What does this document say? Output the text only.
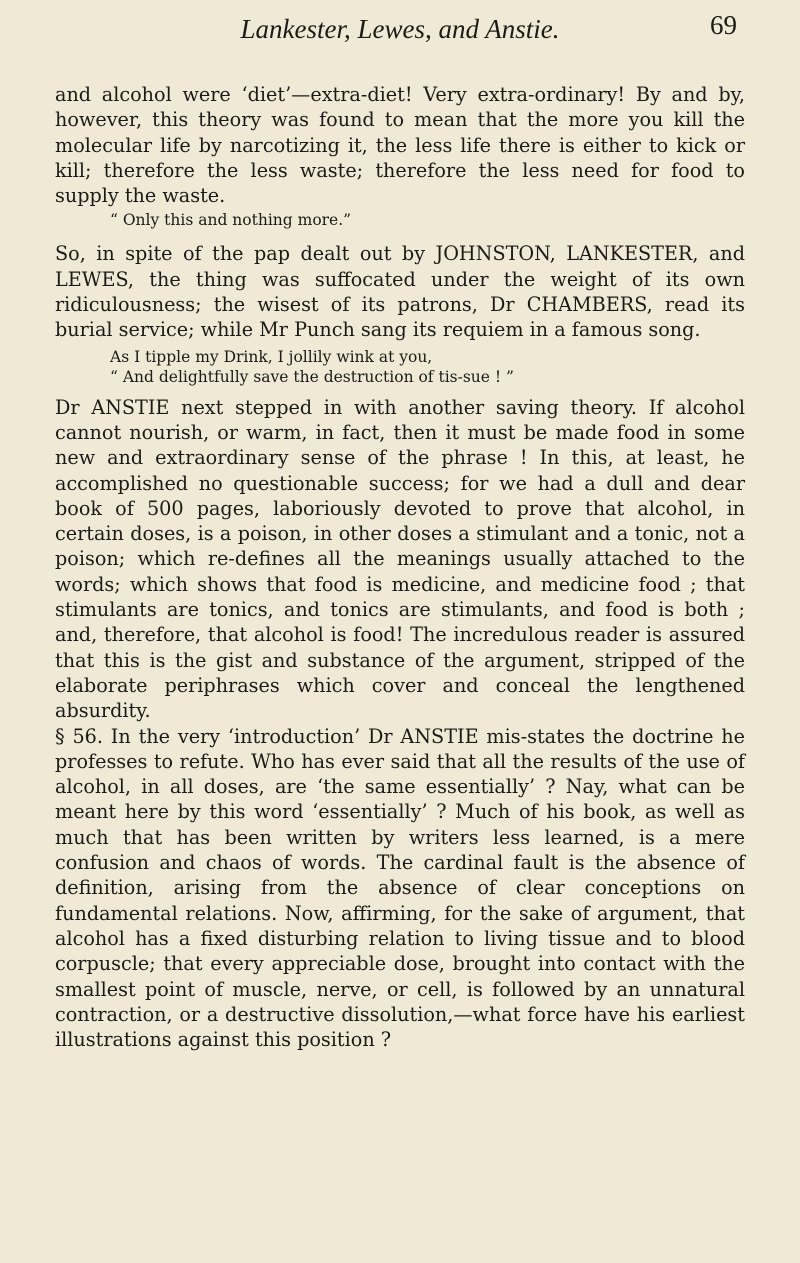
Lankester, Lewes, and Anstie.	69

and alcohol were ‘diet’—extra-diet! Very extra-ordinary! By and by, however, this theory was found to mean that the more you kill the molecular life by narcotizing it, the less life there is either to kick or kill; therefore the less waste; therefore the less need for food to supply the waste.

“ Only this and nothing more.”

So, in spite of the pap dealt out by JOHNSTON, LANKESTER, and LEWES, the thing was suffocated under the weight of its own ridiculousness; the wisest of its patrons, Dr CHAMBERS, read its burial service; while Mr Punch sang its requiem in a famous song.

As I tipple my Drink, I jollily wink at you,
“ And delightfully save the destruction of tis-sue ! ”

Dr ANSTIE next stepped in with another saving theory. If alcohol cannot nourish, or warm, in fact, then it must be made food in some new and extraordinary sense of the phrase ! In this, at least, he accomplished no questionable success; for we had a dull and dear book of 500 pages, laboriously devoted to prove that alcohol, in certain doses, is a poison, in other doses a stimulant and a tonic, not a poison; which re-defines all the meanings usually attached to the words; which shows that food is medicine, and medicine food ; that stimulants are tonics, and tonics are stimulants, and food is both ; and, therefore, that alcohol is food! The incredulous reader is assured that this is the gist and substance of the argument, stripped of the elaborate periphrases which cover and conceal the lengthened absurdity.

§ 56. In the very ‘introduction’ Dr ANSTIE mis-states the doctrine he professes to refute. Who has ever said that all the results of the use of alcohol, in all doses, are ‘the same essentially’ ? Nay, what can be meant here by this word ‘essentially’ ? Much of his book, as well as much that has been written by writers less learned, is a mere confusion and chaos of words. The cardinal fault is the absence of definition, arising from the absence of clear conceptions on fundamental relations. Now, affirming, for the sake of argument, that alcohol has a fixed disturbing relation to living tissue and to blood corpuscle; that every appreciable dose, brought into contact with the smallest point of muscle, nerve, or cell, is followed by an unnatural contraction, or a destructive dissolution,—what force have his earliest illustrations against this position ?
